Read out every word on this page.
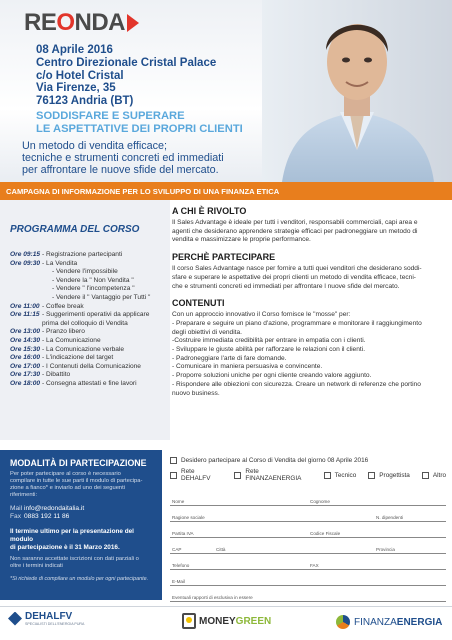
REONDA
08 Aprile 2016
Centro Direzionale Cristal Palace
c/o Hotel Cristal
Via Firenze, 35
76123 Andria (BT)
SODDISFARE E SUPERARE
LE ASPETTATIVE DEI PROPRI CLIENTI
Un metodo di vendita efficace;
tecniche e strumenti concreti ed immediati
per affrontare le nuove sfide del mercato.
CAMPAGNA DI INFORMAZIONE PER LO SVILUPPO DI UNA FINANZA ETICA
PROGRAMMA DEL CORSO
Ore 09:15 - Registrazione partecipanti
Ore 09:30 - La Vendita
- Vendere l'impossibile
- Vendere la " Non Vendita "
- Vendere " l'incompetenza "
- Vendere il " Vantaggio per Tutti "
Ore 11:00 - Coffee break
Ore 11:15 - Suggerimenti operativi da applicare
prima del colloquio di Vendita
Ore 13:00 - Pranzo libero
Ore 14:30 - La Comunicazione
Ore 15:30 - La Comunicazione verbale
Ore 16:00 - L'indicazione del target
Ore 17:00 - I Contenuti della Comunicazione
Ore 17:30 - Dibattito
Ore 18:00 - Consegna attestati e fine lavori
A CHI È RIVOLTO
Il Sales Advantage è ideale per tutti i venditori, responsabili commerciali, capi area e
agenti che desiderano apprendere strategie efficaci per padroneggiare un metodo di
vendita e massimizzare le proprie performance.
PERCHÈ PARTECIPARE
Il corso Sales Advantage nasce per fornire a tutti quei venditori che desiderano soddi-
sfare e superare le aspettative dei propri clienti un metodo di vendita efficace, tecni-
che e strumenti concreti ed immediati per affrontare l nuove sfide del mercato.
CONTENUTI
Con un approccio innovativo il Corso fornisce le "mosse" per:
- Preparare e seguire un piano d'azione, programmare e monitorare il raggiungimento
degli obiettivi di vendita.
-Costruire immediata credibilità per entrare in empatia con i clienti.
- Sviluppare le giuste abilità per rafforzare le relazioni con il clienti.
- Padroneggiare l'arte di fare domande.
- Comunicare in maniera persuasiva e convincente.
- Proporre soluzioni uniche per ogni cliente creando valore aggiunto.
- Rispondere alle obiezioni con sicurezza. Creare un network di referenze che portino
nuovo business.
MODALITÀ DI PARTECIPAZIONE
Per poter partecipare al corso è necessario
compilare in tutte le sue parti il modulo di partecipa-
zione a fianco* e inviarlo ad uno dei seguenti
riferimenti:
Mail info@redondaitalia.it
Fax 0883 192 11 86
Il termine ultimo per la presentazione del modulo
di partecipazione è il 31 Marzo 2016.
Non saranno accettate iscrizioni con dati parziali o
oltre i termini indicati
*Si richiede di compilare un modulo per ogni partecipante.
Desidero partecipare al Corso di Vendita del giorno 08 Aprile 2016
Rete DEHALFV
Rete FINANZAENERGIA	Tecnico	Progettista	Altro
Nome	Cognome
Ragione sociale	N. dipendenti
Partita IVA	Codice Fiscale
CAP	Città	Provincia
Telefono	FAX
E-Mail
Eventuali rapporti di esclusiva in essere
DEHALFV
SPECIALISTI DELL'ENERGIA PURA	MONEYGREEN	FINANZAENERGIA
